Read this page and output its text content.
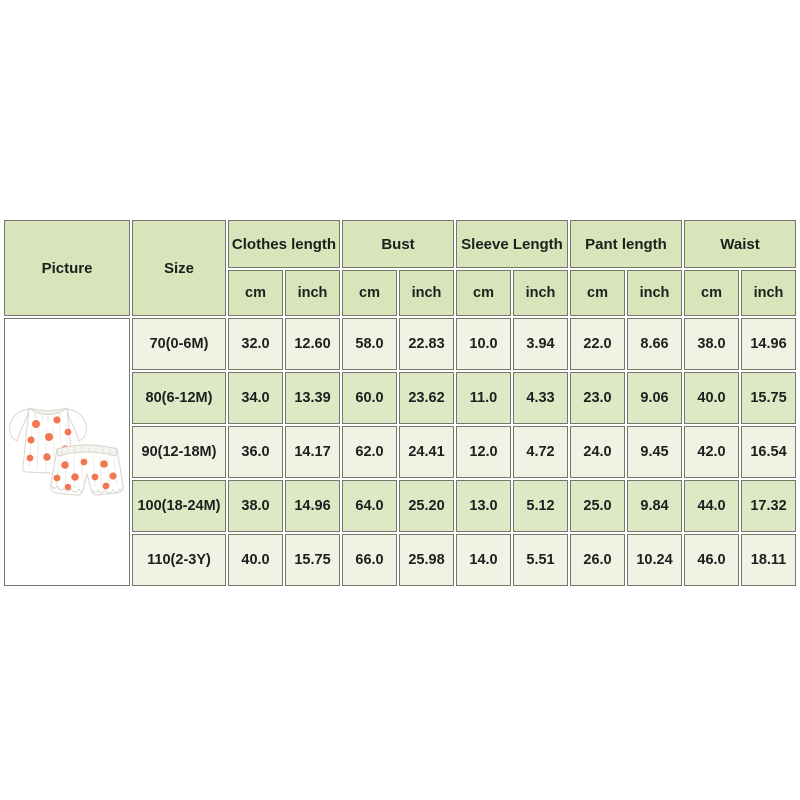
Picture	Size	Clothes length		Bust		Sleeve Length		Pant length		Waist	
		cm	inch	cm	inch	cm	inch	cm	inch	cm	inch
	70(0-6M)	32.0	12.60	58.0	22.83	10.0	3.94	22.0	8.66	38.0	14.96
	80(6-12M)	34.0	13.39	60.0	23.62	11.0	4.33	23.0	9.06	40.0	15.75
	90(12-18M)	36.0	14.17	62.0	24.41	12.0	4.72	24.0	9.45	42.0	16.54
	100(18-24M)	38.0	14.96	64.0	25.20	13.0	5.12	25.0	9.84	44.0	17.32
	110(2-3Y)	40.0	15.75	66.0	25.98	14.0	5.51	26.0	10.24	46.0	18.11
